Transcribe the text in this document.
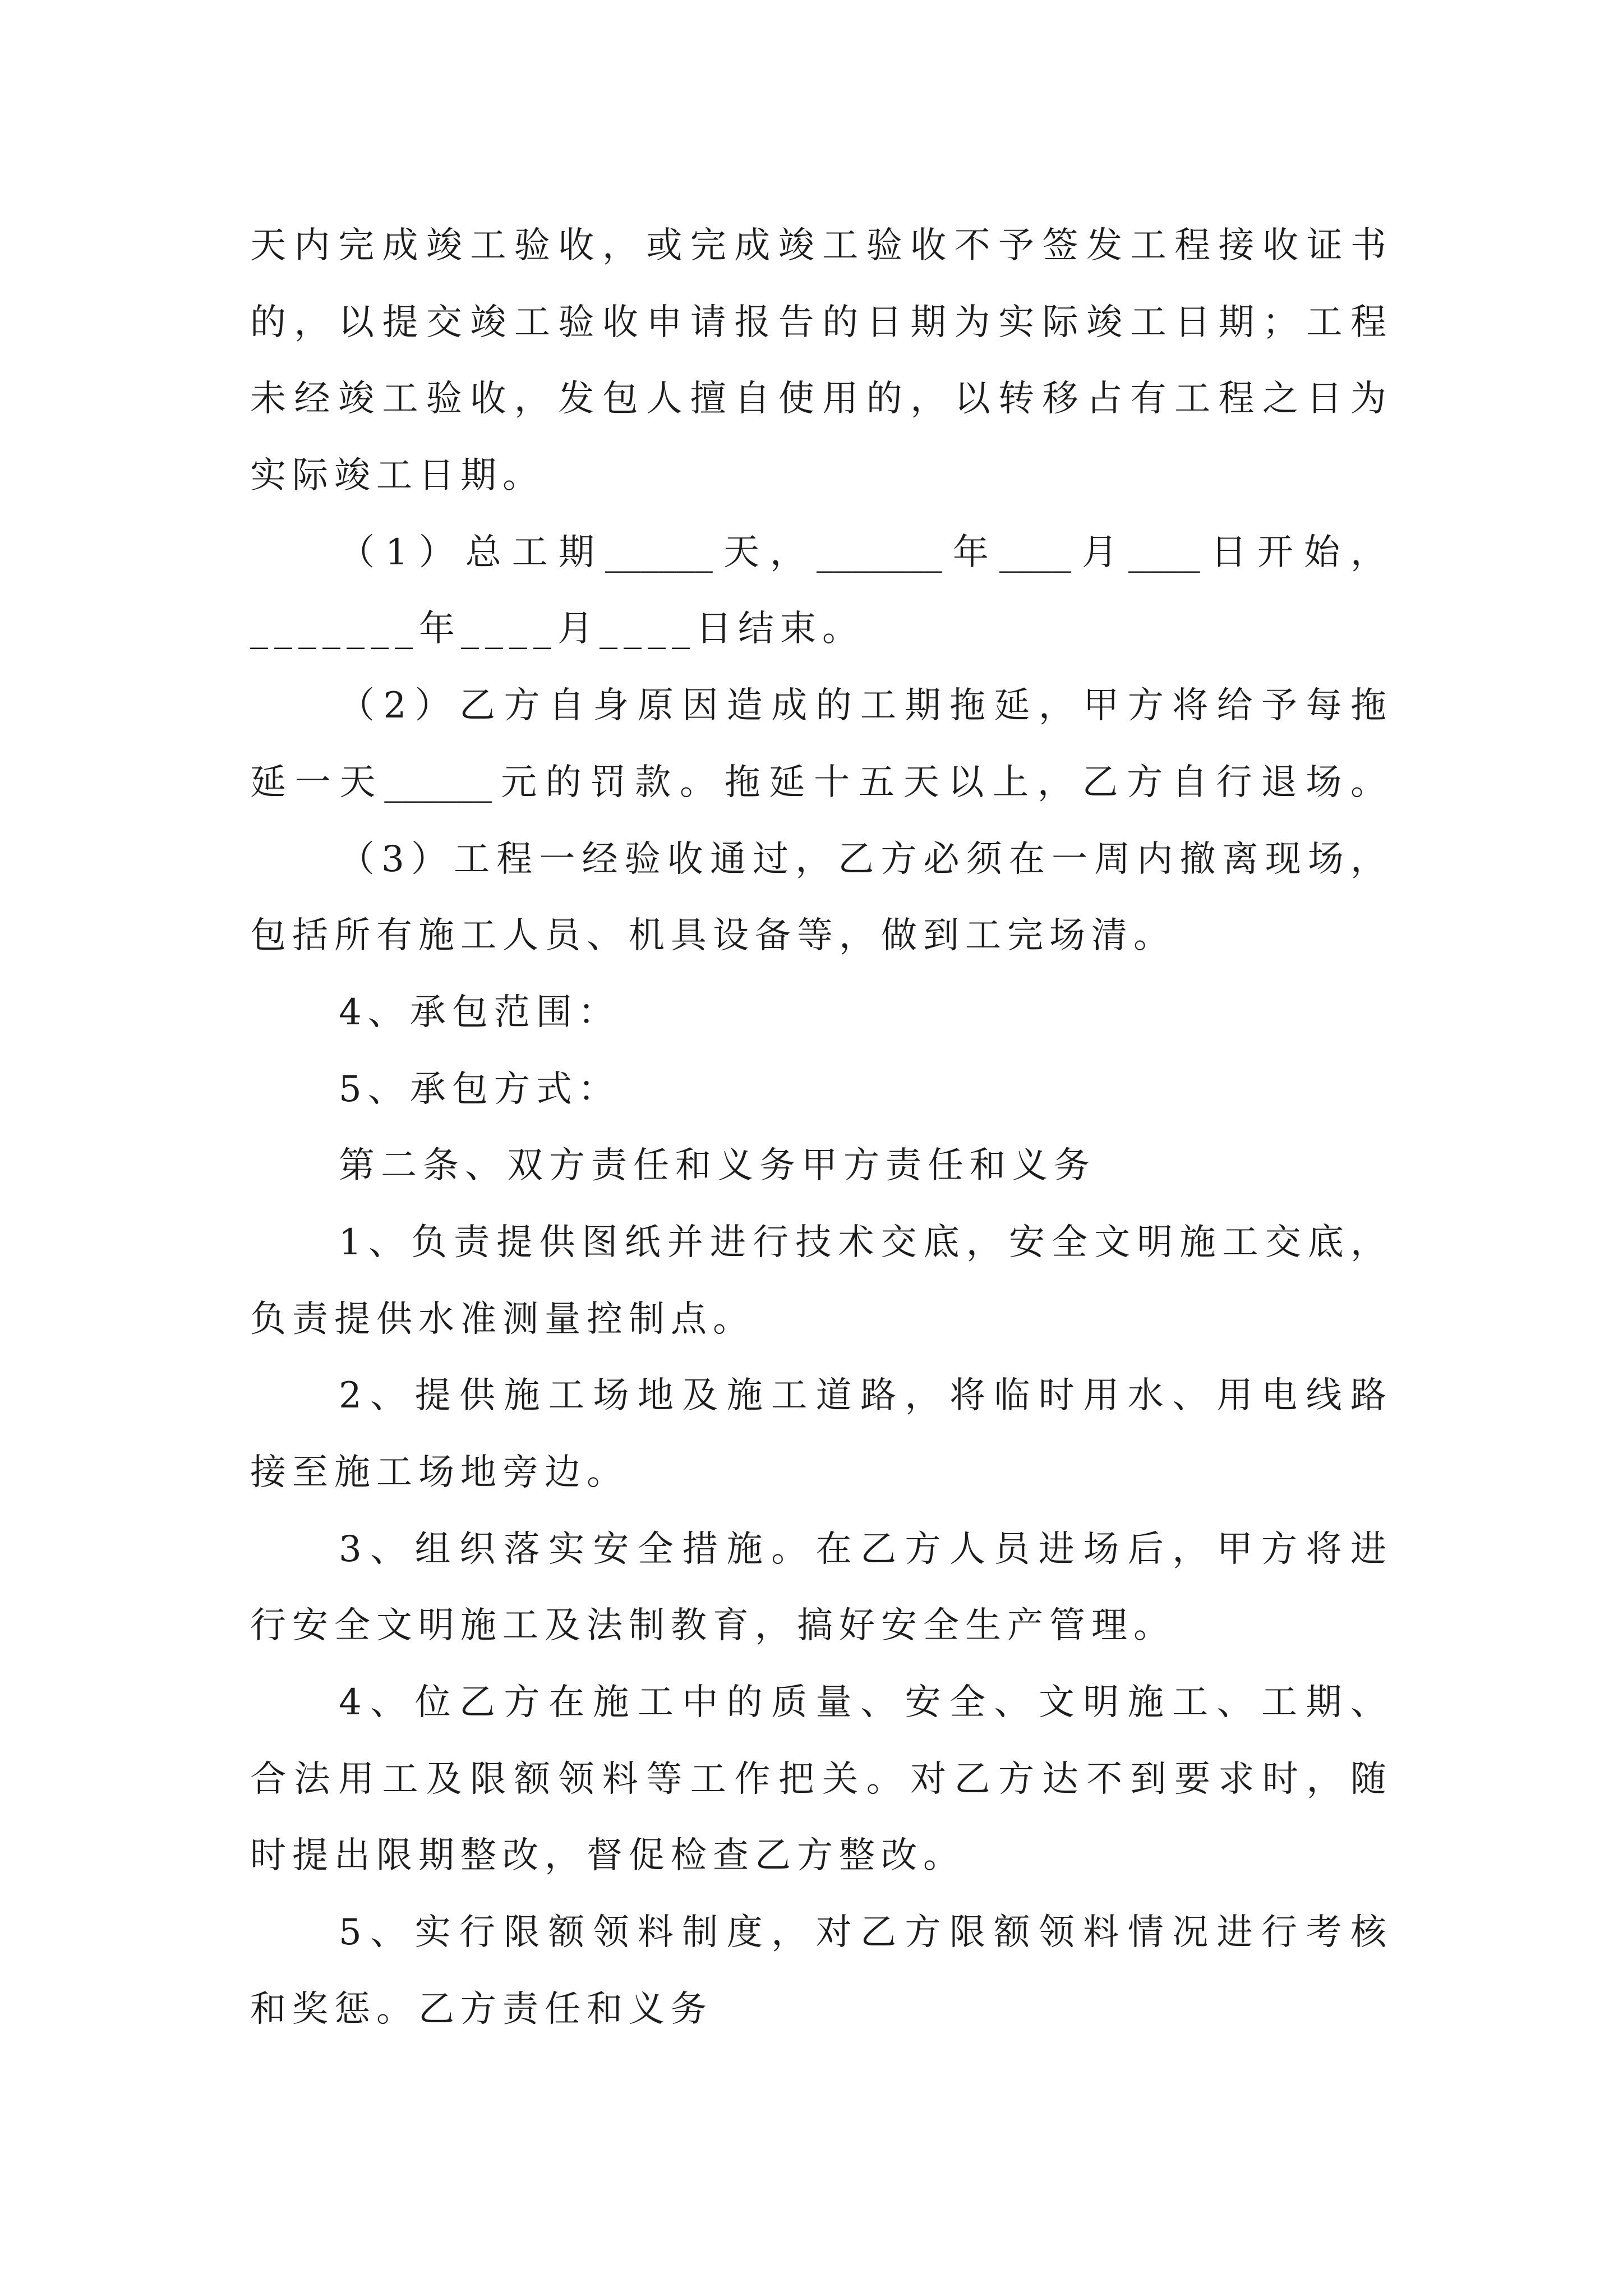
天内完成竣工验收，或完成竣工验收不予签发工程接收证书
的，以提交竣工验收申请报告的日期为实际竣工日期；工程
未经竣工验收，发包人擅自使用的，以转移占有工程之日为
实际竣工日期。
（1）总工期______天，_______年____月____日开始，
_______年____月____日结束。
（2）乙方自身原因造成的工期拖延，甲方将给予每拖
延一天______元的罚款。拖延十五天以上，乙方自行退场。
（3）工程一经验收通过，乙方必须在一周内撤离现场，
包括所有施工人员、机具设备等，做到工完场清。
4、承包范围：
5、承包方式：
第二条、双方责任和义务甲方责任和义务
1、负责提供图纸并进行技术交底，安全文明施工交底，
负责提供水准测量控制点。
2、提供施工场地及施工道路，将临时用水、用电线路
接至施工场地旁边。
3、组织落实安全措施。在乙方人员进场后，甲方将进
行安全文明施工及法制教育，搞好安全生产管理。
4、位乙方在施工中的质量、安全、文明施工、工期、
合法用工及限额领料等工作把关。对乙方达不到要求时，随
时提出限期整改，督促检查乙方整改。
5、实行限额领料制度，对乙方限额领料情况进行考核
和奖惩。乙方责任和义务
